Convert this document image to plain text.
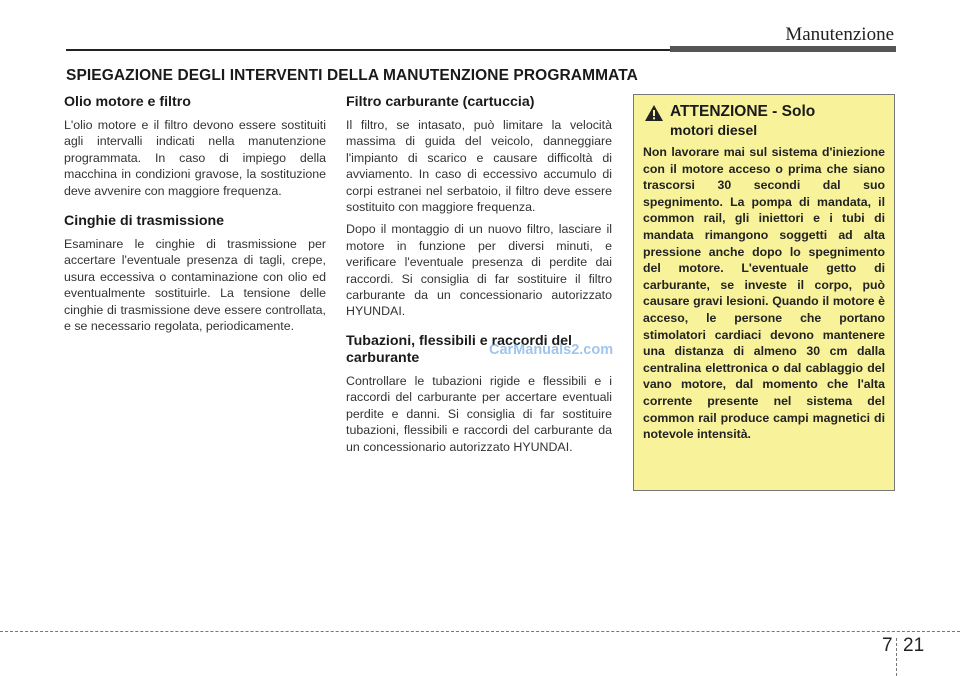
Manutenzione
SPIEGAZIONE DEGLI INTERVENTI DELLA MANUTENZIONE PROGRAMMATA
Olio motore e filtro

L'olio motore e il filtro devono essere sostituiti agli intervalli indicati nella manutenzione programmata. In caso di impiego della macchina in condizioni gravose, la sostituzione deve avvenire con maggiore frequenza.

Cinghie di trasmissione

Esaminare le cinghie di trasmissione per accertare l'eventuale presenza di tagli, crepe, usura eccessiva o contaminazione con olio ed eventualmente sostituirle. La tensione delle cinghie di trasmissione deve essere controllata, e se necessario regolata, periodicamente.

Filtro carburante (cartuccia)

Il filtro, se intasato, può limitare la velocità massima di guida del veicolo, danneggiare l'impianto di scarico e causare difficoltà di avviamento. In caso di eccessivo accumulo di corpi estranei nel serbatoio, il filtro deve essere sostituito con maggiore frequenza.

Dopo il montaggio di un nuovo filtro, lasciare il motore in funzione per diversi minuti, e verificare l'eventuale presenza di perdite dai raccordi. Si consiglia di far sostituire il filtro carburante da un concessionario autorizzato HYUNDAI.

Tubazioni, flessibili e raccordi del carburante

Controllare le tubazioni rigide e flessibili e i raccordi del carburante per accertare eventuali perdite e danni. Si consiglia di far sostituire tubazioni, flessibili e raccordi del carburante da un concessionario autorizzato HYUNDAI.

ATTENZIONE - Solo
motori diesel

Non lavorare mai sul sistema d'iniezione con il motore acceso o prima che siano trascorsi 30 secondi dal suo spegnimento. La pompa di mandata, il common rail, gli iniettori e i tubi di mandata rimangono soggetti ad alta pressione anche dopo lo spegnimento del motore. L'eventuale getto di carburante, se investe il corpo, può causare gravi lesioni. Quando il motore è acceso, le persone che portano stimolatori cardiaci devono mantenere una distanza di almeno 30 cm dalla centralina elettronica o dal cablaggio del vano motore, dal momento che l'alta corrente presente nel sistema del common rail produce campi magnetici di notevole intensità.

CarManuals2.com
7 21
